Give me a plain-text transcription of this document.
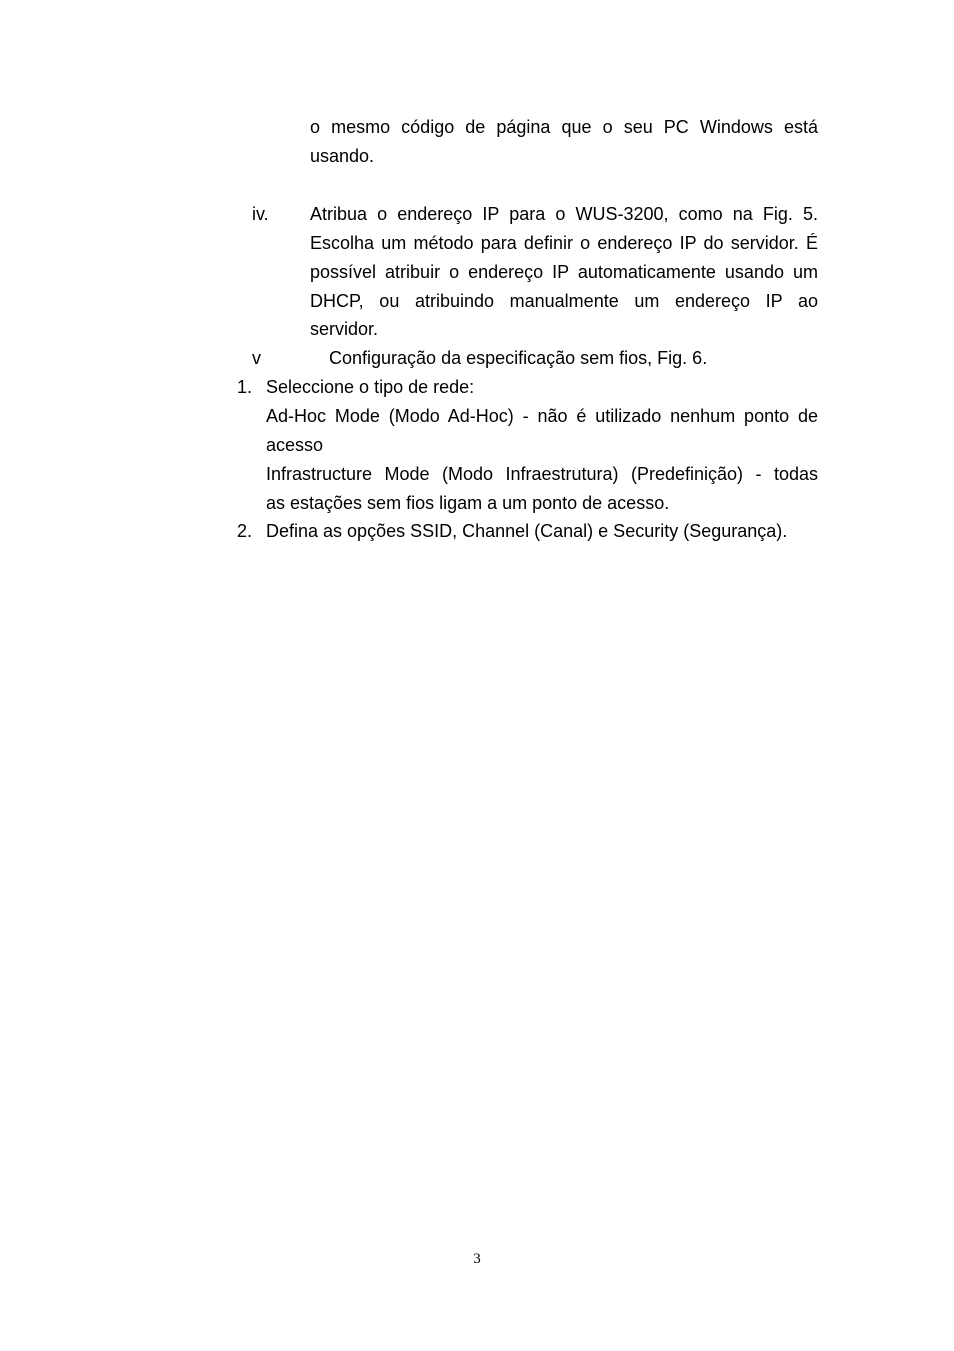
o mesmo código de página que o seu PC Windows está
usando.
iv. Atribua o endereço IP para o WUS-3200, como na Fig. 5.
Escolha um método para definir o endereço IP do servidor. É
possível atribuir o endereço IP automaticamente usando um
DHCP, ou atribuindo manualmente um endereço IP ao
servidor.
v	Configuração da especificação sem fios, Fig. 6.
1. Seleccione o tipo de rede:
Ad-Hoc Mode (Modo Ad-Hoc) - não é utilizado nenhum ponto de
acesso
Infrastructure Mode (Modo Infraestrutura) (Predefinição) - todas
as estações sem fios ligam a um ponto de acesso.
2. Defina as opções SSID, Channel (Canal) e Security (Segurança).
3
